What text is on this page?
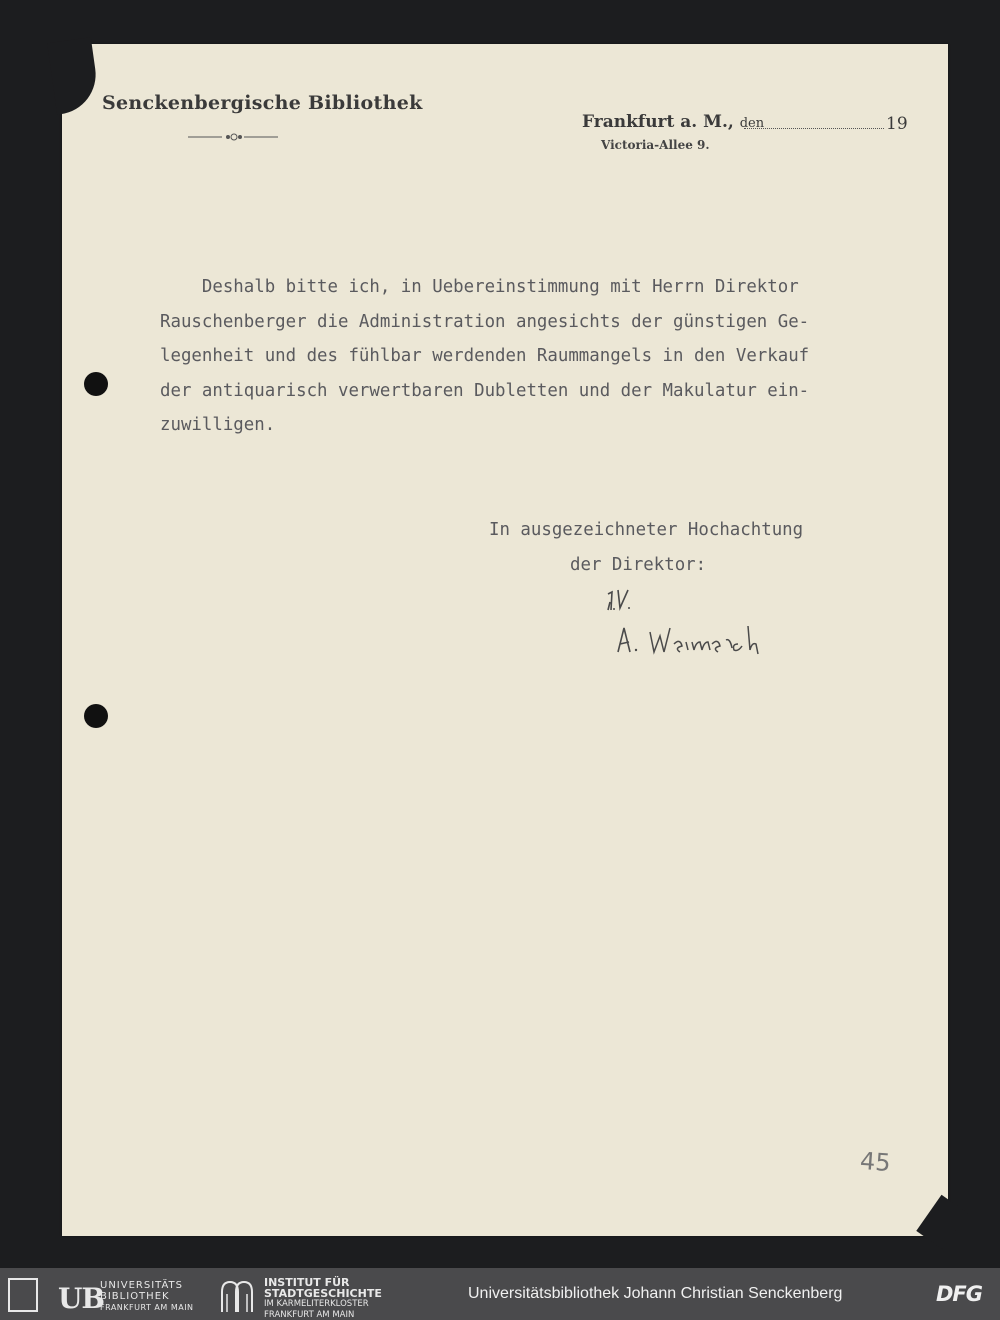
Senckenbergische Bibliothek
Frankfurt a. M., den	19
Victoria-Allee 9.
Deshalb bitte ich, in Uebereinstimmung mit Herrn Direktor
Rauschenberger die Administration angesichts der günstigen Ge-
legenheit und des fühlbar werdenden Raummangels in den Verkauf
der antiquarisch verwertbaren Dubletten und der Makulatur ein-
zuwilligen.
In ausgezeichneter Hochachtung
der Direktor:
45
UB
UNIVERSITÄTS
BIBLIOTHEK
FRANKFURT AM MAIN
INSTITUT FÜR
STADTGESCHICHTE
IM KARMELITERKLOSTER
FRANKFURT AM MAIN
Universitätsbibliothek Johann Christian Senckenberg	DFG
